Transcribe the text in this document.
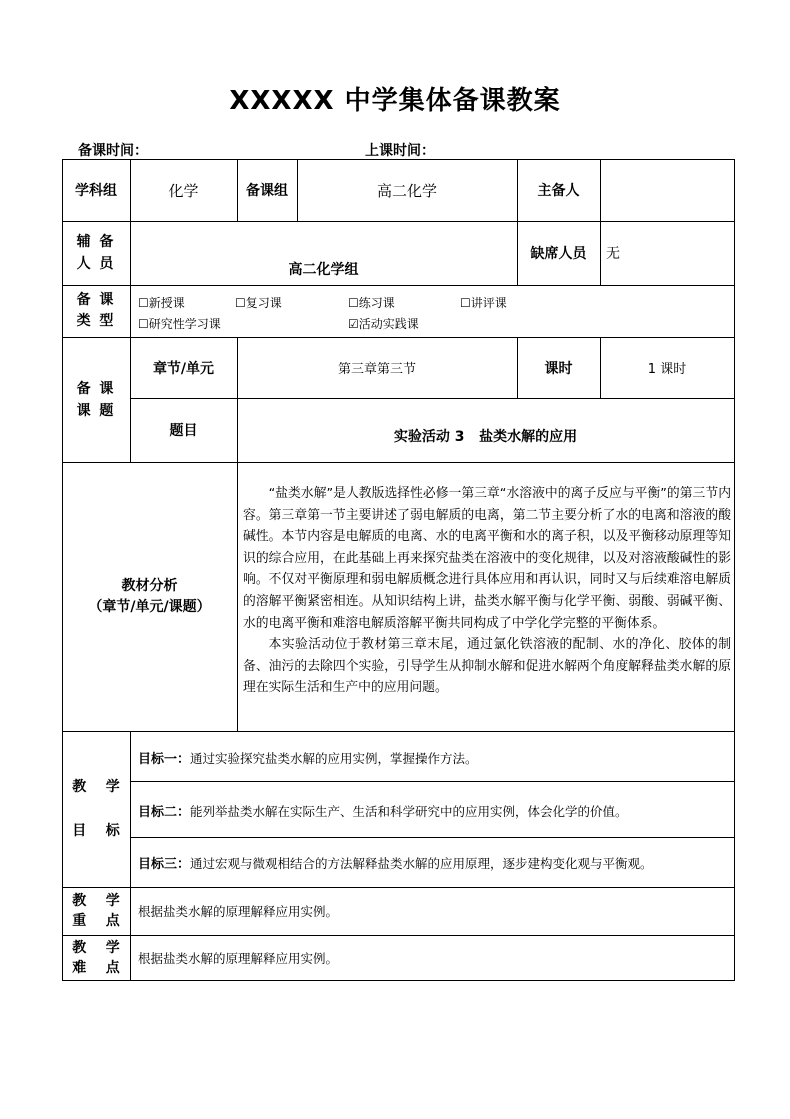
XXXXX 中学集体备课教案
备课时间：	上课时间：
学科组	化学	备课组	高二化学	主备人
辅 备
人 员	高二化学组
缺席人员	无
备 课
类 型
☐新授课	☐复习课	☐练习课	☐讲评课
☐研究性学习课	☑活动实践课
备 课
课 题
章节/单元	第三章第三节	课时	1 课时
题目	实验活动 3   盐类水解的应用
教材分析
（章节/单元/课题）

“盐类水解”是人教版选择性必修一第三章“水溶液中的离子反应与平衡”的第三节内容。第三章第一节主要讲述了弱电解质的电离，第二节主要分析了水的电离和溶液的酸碱性。本节内容是电解质的电离、水的电离平衡和水的离子积，以及平衡移动原理等知识的综合应用，在此基础上再来探究盐类在溶液中的变化规律，以及对溶液酸碱性的影响。不仅对平衡原理和弱电解质概念进行具体应用和再认识，同时又与后续难溶电解质的溶解平衡紧密相连。从知识结构上讲，盐类水解平衡与化学平衡、弱酸、弱碱平衡、水的电离平衡和难溶电解质溶解平衡共同构成了中学化学完整的平衡体系。

本实验活动位于教材第三章末尾，通过氯化铁溶液的配制、水的净化、胶体的制备、油污的去除四个实验，引导学生从抑制水解和促进水解两个角度解释盐类水解的原理在实际生活和生产中的应用问题。

教    学
目    标
目标一：通过实验探究盐类水解的应用实例，掌握操作方法。
目标二：能列举盐类水解在实际生产、生活和科学研究中的应用实例，体会化学的价值。
目标三：通过宏观与微观相结合的方法解释盐类水解的应用原理，逐步建构变化观与平衡观。
教    学
重    点
根据盐类水解的原理解释应用实例。
教    学
难    点
根据盐类水解的原理解释应用实例。
